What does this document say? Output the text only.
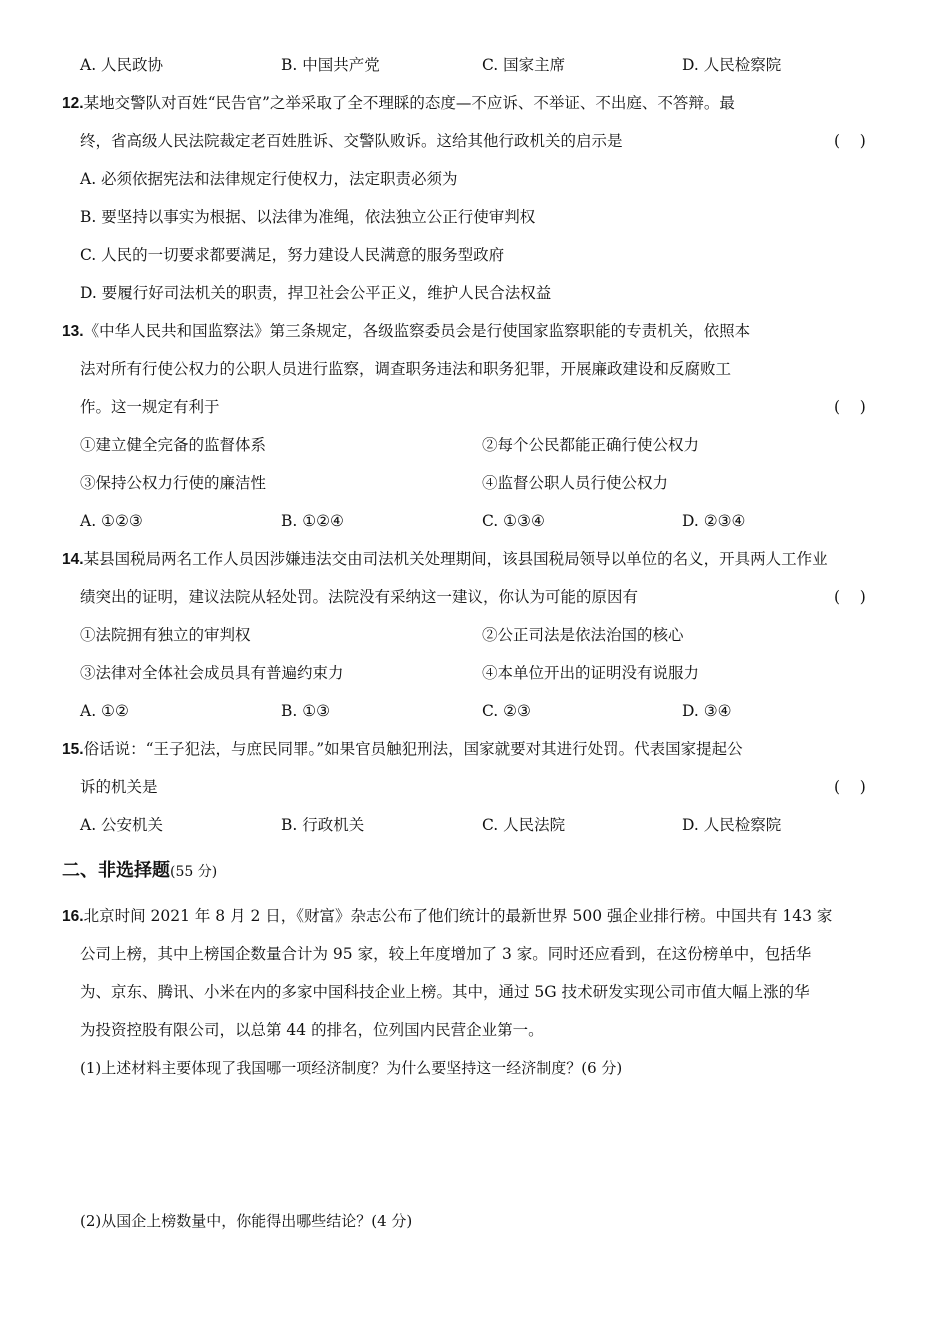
A. 人民政协	B. 中国共产党	C. 国家主席	D. 人民检察院
12.某地交警队对百姓“民告官”之举采取了全不理睬的态度—不应诉、不举证、不出庭、不答辩。最
终，省高级人民法院裁定老百姓胜诉、交警队败诉。这给其他行政机关的启示是	(    )
A. 必须依据宪法和法律规定行使权力，法定职责必须为
B. 要坚持以事实为根据、以法律为准绳，依法独立公正行使审判权
C. 人民的一切要求都要满足，努力建设人民满意的服务型政府
D. 要履行好司法机关的职责，捍卫社会公平正义，维护人民合法权益
13.《中华人民共和国监察法》第三条规定，各级监察委员会是行使国家监察职能的专责机关，依照本
法对所有行使公权力的公职人员进行监察，调查职务违法和职务犯罪，开展廉政建设和反腐败工
作。这一规定有利于	(    )
①建立健全完备的监督体系	②每个公民都能正确行使公权力
③保持公权力行使的廉洁性	④监督公职人员行使公权力
A. ①②③	B. ①②④	C. ①③④	D. ②③④
14.某县国税局两名工作人员因涉嫌违法交由司法机关处理期间，该县国税局领导以单位的名义，开具两人工作业
绩突出的证明，建议法院从轻处罚。法院没有采纳这一建议，你认为可能的原因有	(    )
①法院拥有独立的审判权	②公正司法是依法治国的核心
③法律对全体社会成员具有普遍约束力	④本单位开出的证明没有说服力
A. ①②	B. ①③	C. ②③	D. ③④
15.俗话说：“王子犯法，与庶民同罪。”如果官员触犯刑法，国家就要对其进行处罚。代表国家提起公
诉的机关是	(    )
A. 公安机关	B. 行政机关	C. 人民法院	D. 人民检察院
二、非选择题(55 分)
16.北京时间 2021 年 8 月 2 日，《财富》杂志公布了他们统计的最新世界 500 强企业排行榜。中国共有 143 家
公司上榜，其中上榜国企数量合计为 95 家，较上年度增加了 3 家。同时还应看到，在这份榜单中，包括华
为、京东、腾讯、小米在内的多家中国科技企业上榜。其中，通过 5G 技术研发实现公司市值大幅上涨的华
为投资控股有限公司，以总第 44 的排名，位列国内民营企业第一。
(1)上述材料主要体现了我国哪一项经济制度？为什么要坚持这一经济制度？(6 分)
(2)从国企上榜数量中，你能得出哪些结论？(4 分)
